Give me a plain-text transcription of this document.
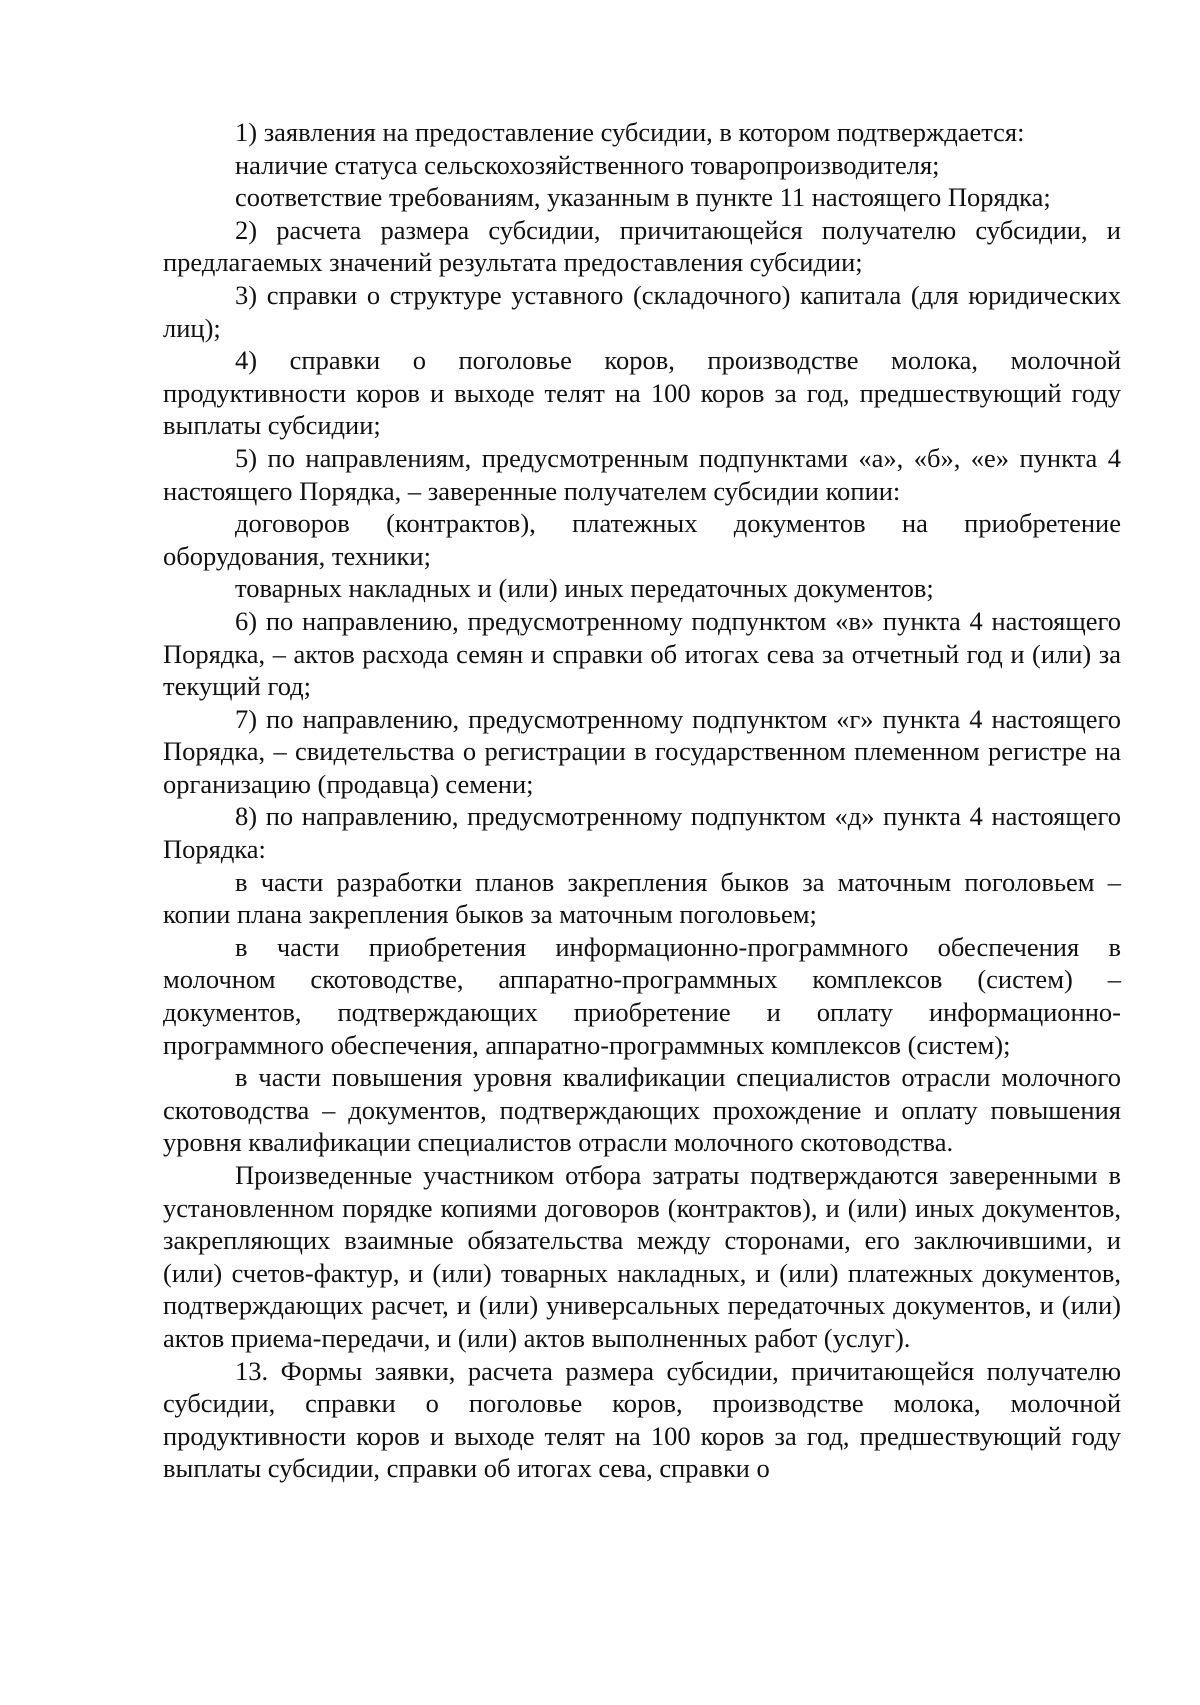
1) заявления на предоставление субсидии, в котором подтверждается:

наличие статуса сельскохозяйственного товаропроизводителя;

соответствие требованиям, указанным в пункте 11 настоящего Порядка;

2) расчета размера субсидии, причитающейся получателю субсидии, и предлагаемых значений результата предоставления субсидии;

3) справки о структуре уставного (складочного) капитала (для юридических лиц);

4) справки о поголовье коров, производстве молока, молочной продуктивности коров и выходе телят на 100 коров за год, предшествующий году выплаты субсидии;

5) по направлениям, предусмотренным подпунктами «а», «б», «е» пункта 4 настоящего Порядка, – заверенные получателем субсидии копии:

договоров (контрактов), платежных документов на приобретение оборудования, техники;

товарных накладных и (или) иных передаточных документов;

6) по направлению, предусмотренному подпунктом «в» пункта 4 настоящего Порядка, – актов расхода семян и справки об итогах сева за отчетный год и (или) за текущий год;

7) по направлению, предусмотренному подпунктом «г» пункта 4 настоящего Порядка, – свидетельства о регистрации в государственном племенном регистре на организацию (продавца) семени;

8) по направлению, предусмотренному подпунктом «д» пункта 4 настоящего Порядка:

в части разработки планов закрепления быков за маточным поголовьем – копии плана закрепления быков за маточным поголовьем;

в части приобретения информационно-программного обеспечения в молочном скотоводстве, аппаратно-программных комплексов (систем) – документов, подтверждающих приобретение и оплату информационно-программного обеспечения, аппаратно-программных комплексов (систем);

в части повышения уровня квалификации специалистов отрасли молочного скотоводства – документов, подтверждающих прохождение и оплату повышения уровня квалификации специалистов отрасли молочного скотоводства.

Произведенные участником отбора затраты подтверждаются заверенными в установленном порядке копиями договоров (контрактов), и (или) иных документов, закрепляющих взаимные обязательства между сторонами, его заключившими, и (или) счетов-фактур, и (или) товарных накладных, и (или) платежных документов, подтверждающих расчет, и (или) универсальных передаточных документов, и (или) актов приема-передачи, и (или) актов выполненных работ (услуг).

13. Формы заявки, расчета размера субсидии, причитающейся получателю субсидии, справки о поголовье коров, производстве молока, молочной продуктивности коров и выходе телят на 100 коров за год, предшествующий году выплаты субсидии, справки об итогах сева, справки о
